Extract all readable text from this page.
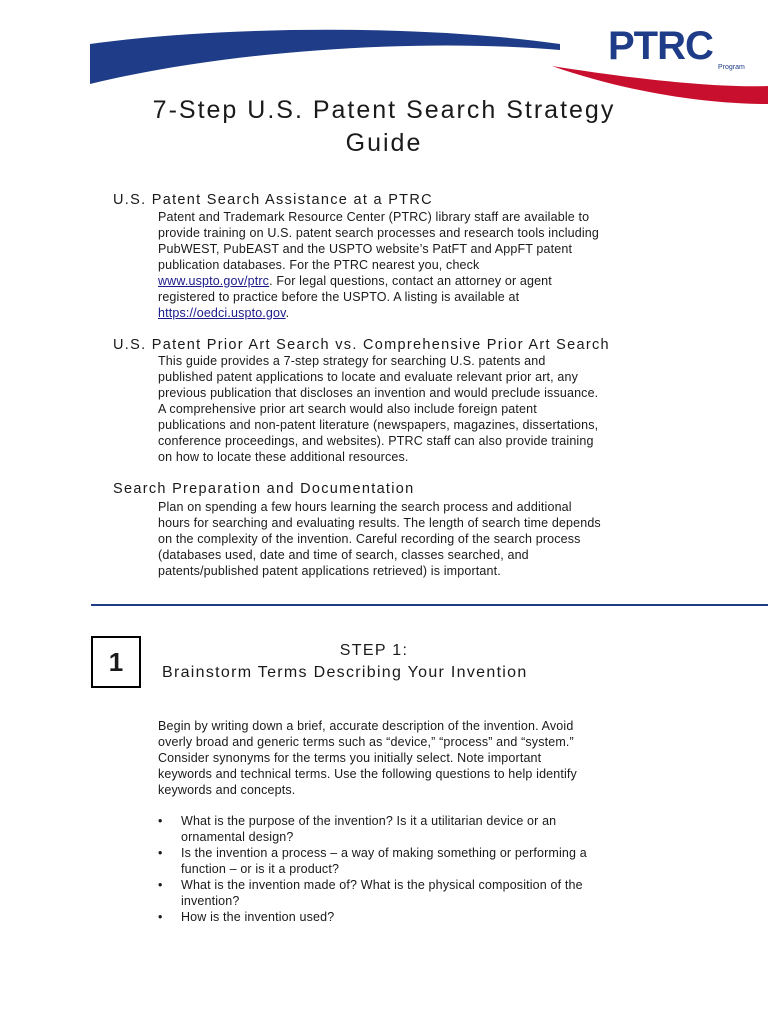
PTRC Program
7-Step U.S. Patent Search Strategy
Guide
U.S. Patent Search Assistance at a PTRC
Patent and Trademark Resource Center (PTRC) library staff are available to
provide training on U.S. patent search processes and research tools including
PubWEST, PubEAST and the USPTO website’s PatFT and AppFT patent
publication databases. For the PTRC nearest you, check
www.uspto.gov/ptrc. For legal questions, contact an attorney or agent
registered to practice before the USPTO. A listing is available at
https://oedci.uspto.gov.
U.S. Patent Prior Art Search vs. Comprehensive Prior Art Search
This guide provides a 7-step strategy for searching U.S. patents and
published patent applications to locate and evaluate relevant prior art, any
previous publication that discloses an invention and would preclude issuance.
A comprehensive prior art search would also include foreign patent
publications and non-patent literature (newspapers, magazines, dissertations,
conference proceedings, and websites). PTRC staff can also provide training
on how to locate these additional resources.
Search Preparation and Documentation
Plan on spending a few hours learning the search process and additional
hours for searching and evaluating results. The length of search time depends
on the complexity of the invention. Careful recording of the search process
(databases used, date and time of search, classes searched, and
patents/published patent applications retrieved) is important.
1	STEP 1:
Brainstorm Terms Describing Your Invention
Begin by writing down a brief, accurate description of the invention. Avoid
overly broad and generic terms such as “device,” “process” and “system.”
Consider synonyms for the terms you initially select. Note important
keywords and technical terms. Use the following questions to help identify
keywords and concepts.
• What is the purpose of the invention? Is it a utilitarian device or an
ornamental design?
• Is the invention a process – a way of making something or performing a
function – or is it a product?
• What is the invention made of? What is the physical composition of the
invention?
• How is the invention used?
